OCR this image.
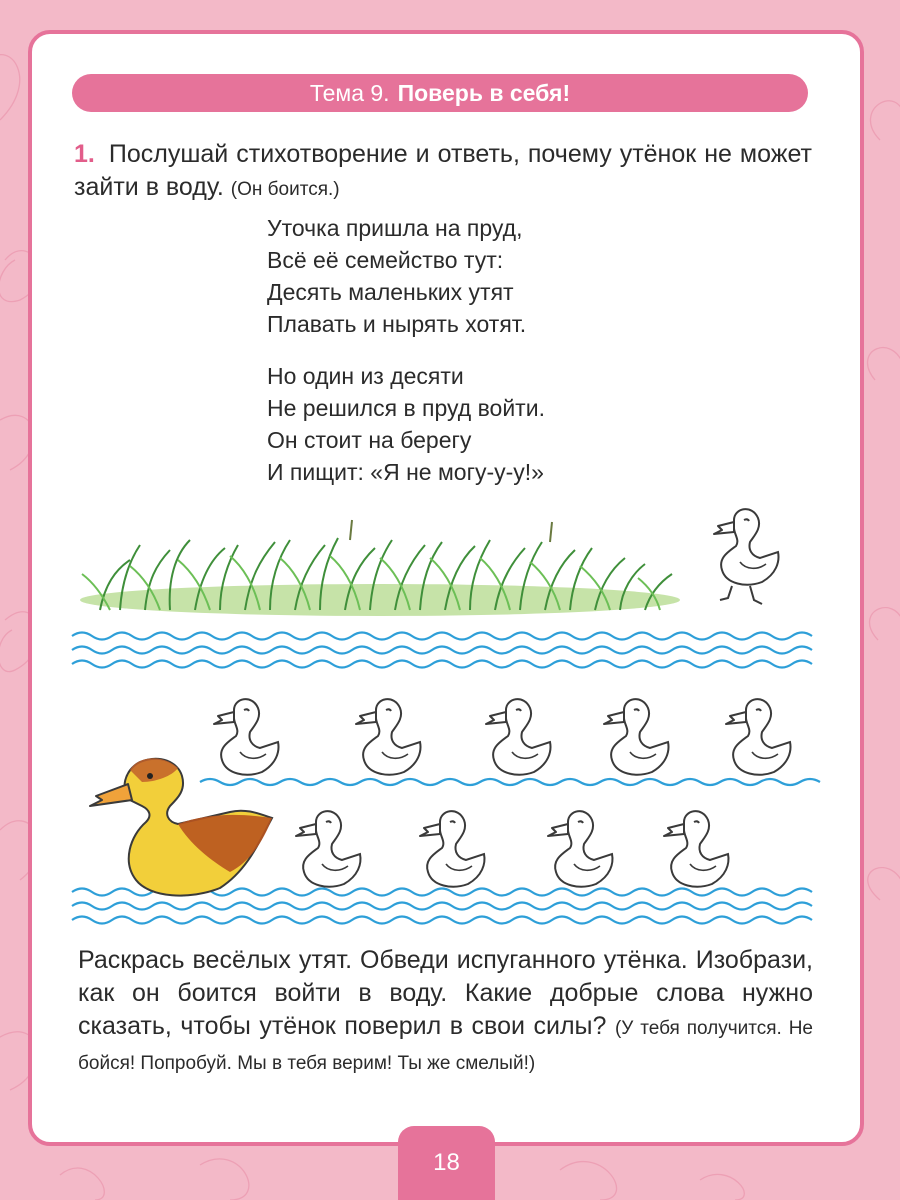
Тема 9. Поверь в себя!
1. Послушай стихотворение и ответь, почему утёнок не может зайти в воду. (Он боится.)
Уточка пришла на пруд,
Всё её семейство тут:
Десять маленьких утят
Плавать и нырять хотят.
Но один из десяти
Не решился в пруд войти.
Он стоит на берегу
И пищит: «Я не могу-у-у!»
Раскрась весёлых утят. Обведи испуганного утёнка. Изобрази, как он боится войти в воду. Какие добрые слова нужно сказать, чтобы утёнок поверил в свои силы? (У тебя получится. Не бойся! Попробуй. Мы в тебя верим! Ты же смелый!)
18
